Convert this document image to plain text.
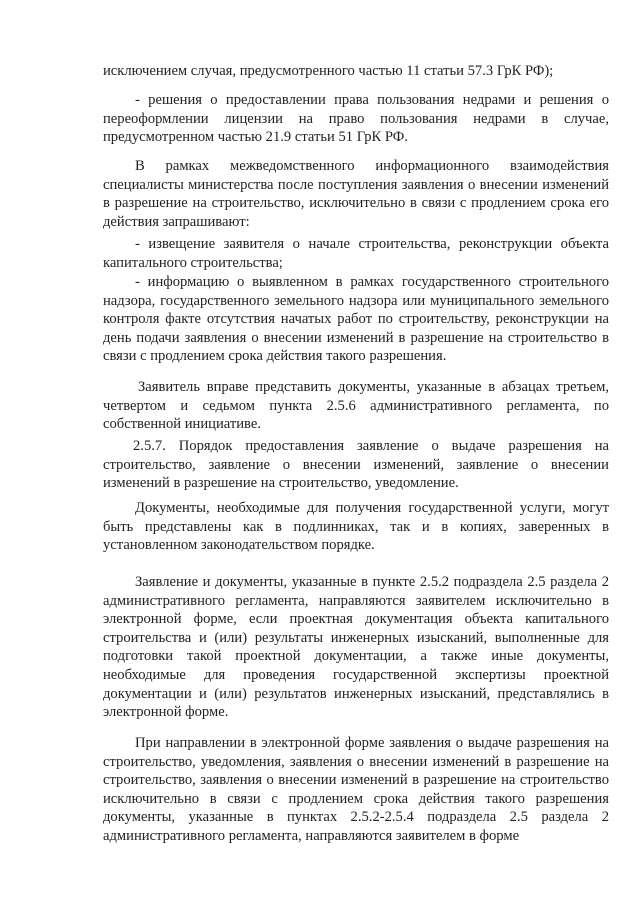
исключением случая, предусмотренного частью 11 статьи 57.3 ГрК РФ);

- решения о предоставлении права пользования недрами и решения о переоформлении лицензии на право пользования недрами в случае, предусмотренном частью 21.9 статьи 51 ГрК РФ.

В рамках межведомственного информационного взаимодействия специалисты министерства после поступления заявления о внесении изменений в разрешение на строительство, исключительно в связи с продлением срока его действия запрашивают:

- извещение заявителя о начале строительства, реконструкции объекта капитального строительства;

- информацию о выявленном в рамках государственного строительного надзора, государственного земельного надзора или муниципального земельного контроля факте отсутствия начатых работ по строительству, реконструкции на день подачи заявления о внесении изменений в разрешение на строительство в связи с продлением срока действия такого разрешения.

Заявитель вправе представить документы, указанные в абзацах третьем, четвертом и седьмом пункта 2.5.6 административного регламента, по собственной инициативе.

2.5.7. Порядок предоставления заявление о выдаче разрешения на строительство, заявление о внесении изменений, заявление о внесении изменений в разрешение на строительство, уведомление.

Документы, необходимые для получения государственной услуги, могут быть представлены как в подлинниках, так и в копиях, заверенных в установленном законодательством порядке.

Заявление и документы, указанные в пункте 2.5.2 подраздела 2.5 раздела 2 административного регламента, направляются заявителем исключительно в электронной форме, если проектная документация объекта капитального строительства и (или) результаты инженерных изысканий, выполненные для подготовки такой проектной документации, а также иные документы, необходимые для проведения государственной экспертизы проектной документации и (или) результатов инженерных изысканий, представлялись в электронной форме.

При направлении в электронной форме заявления о выдаче разрешения на строительство, уведомления, заявления о внесении изменений в разрешение на строительство, заявления о внесении изменений в разрешение на строительство исключительно в связи с продлением срока действия такого разрешения документы, указанные в пунктах 2.5.2-2.5.4 подраздела 2.5 раздела 2 административного регламента, направляются заявителем в форме
